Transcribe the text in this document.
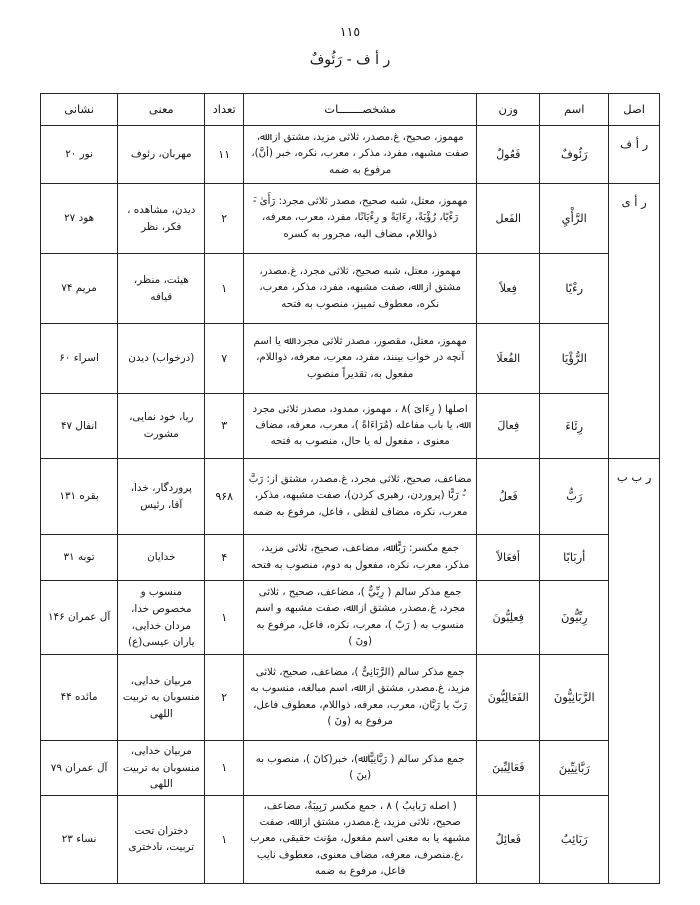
١١٥
ر أ ف - رَئُوفٌ
اصل	اسم	وزن	مشخصـــــــات	تعداد	معنی	نشانی
ر أ ف	رَئُوفٌ	فَعُولٌ	مهموز، صحیح، غ.مصدر، ثلاثی مزید، مشتق از: ﷲ، صفت مشبهه، مفرد، مذکر ، معرب، نکره، خبر (أنَّ)، مرفوع به ضمه	۱۱	مهربان، رئوف	نور ۲۰
ر أ ی	الرَّأْيِ	الفَعل	مهموز، معتل، شبه صحیح، مصدر ثلاثی مجرد: رَأَىٰ -َ رَءْيًا، رُؤْيَةً، رِءَايَةً و رِءْيَانًا، مفرد، معرب، معرفه، ذواللام، مضاف الیه، مجرور به کسره	۲	دیدن، مشاهده ، فکر، نظر	هود ۲۷
	رءْيًا	فِعلاً	مهموز، معتل، شبه صحیح، ثلاثی مجرد، غ.مصدر، مشتق از: ﷲ، صفت مشبهه، مفرد، مذکر، معرب، نکره، معطوف تمییز، منصوب به فتحه	۱	هیئت، منظر، قیافه	مریم ۷۴
	الرُّؤْيَا	الفُعلَا	مهموز، معتل، مقصور، مصدر ثلاثی مجرد: ﷲ یا اسم آنچه در خواب بینند، مفرد، معرب، معرفه، ذواللام، مفعول به، تقدیراً منصوب	۷	(درخواب) دیدن	اسراء ۶۰
	رِئَاءَ	فِعالَ	اصلها ( رِءَاىَ )٨ ، مهموز، ممدود، مصدر ثلاثی مجرد ﷲ، یا باب مفاعله (مُرَاءَاةً )، معرب، معرفه، مضاف معنوی ، مفعول له یا حال، منصوب به فتحه	۳	ریا، خود نمایی، مشورت	انفال ۴۷
ر ب ب	رَبُّ	فَعلُ	مضاعف، صحیح، ثلاثی مجرد، غ.مصدر، مشتق از: رَبَّ -ُ رَبًّا (پروردن، رهبری کردن)، صفت مشبهه، مذکر، معرب، نکره، مضاف لفظی ، فاعل، مرفوع به ضمه	۹۶۸	پروردگار، خدا، آقا، رئیس	بقره ۱۳۱
	أربَابًا	أفعَالاً	جمع مکسر: رَبًّا ﷲ، مضاعف، صحیح، ثلاثی مزید، مذکر، معرب، نکره، مفعول به دوم، منصوب به فتحه	۴	خدایان	توبه ۳۱
	رِبِّيُّونَ	فِعلِيُّونَ	جمع مذکر سالم ( رِبِّيٌّ )، مضاعف، صحیح ، ثلاثی مجرد، غ.مصدر، مشتق از: ﷲ، صفت مشبهه و اسم منسوب به ( رَبّ )، معرب، نکره، فاعل، مرفوع به (ونَ )	۱	منسوب و مخصوص خدا، مردان خدایی، یاران عیسی(ع)	آل عمران ۱۴۶
	الرَّبَانِيُّونَ	الفَعَالِيُّونَ	جمع مذکر سالم (الرَّبَانِیُّ )، مضاعف، صحیح، ثلاثی مزید، غ.مصدر، مشتق از: ﷲ، اسم مبالغه، منسوب به رَبّ یا رَبَّان، معرب، معرفه، ذواللام، معطوف فاعل، مرفوع به (ونَ )	۲	مربیان خدایی، منسوبان به تربیت اللهی	مائده ۴۴
	رَبَّانِيِّينَ	فَعَالِيِّينَ	جمع مذکر سالم ( رَبَّانِيًّا ﷲ)، خبر(کانَ )، منصوب به (ینَ )	۱	مربیان خدایی، منسوبان به تربیت اللهی	آل عمران ۷۹
	رَبَائِبُ	فَعائِلُ	( اصله رَبایبُ ) ٨ ، جمع مکسر رَبِيبَةٌ، مضاعف، صحیح، ثلاثی مزید، غ.مصدر، مشتق از: ﷲ، صفت مشبهه یا به معنی اسم مفعول، مؤنث حقیقی، معرب ،غ.منصرف، معرفه، مضاف معنوی، معطوف نایب فاعل، مرفوع به ضمه	۱	دختران تحت تربیت، نادختری	نساء ۲۳
